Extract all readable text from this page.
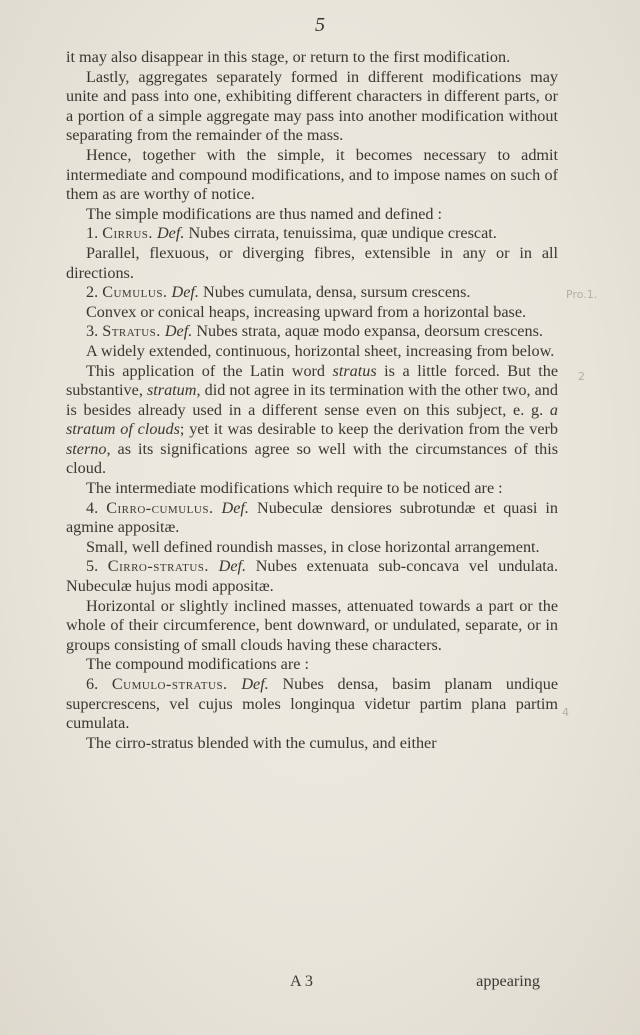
5

it may also disappear in this stage, or return to the first modification.

Lastly, aggregates separately formed in different modifications may unite and pass into one, exhibiting different characters in different parts, or a portion of a simple aggregate may pass into another modification without separating from the remainder of the mass.

Hence, together with the simple, it becomes necessary to admit intermediate and compound modifications, and to impose names on such of them as are worthy of notice.

The simple modifications are thus named and defined :

1. Cirrus. Def. Nubes cirrata, tenuissima, quæ undique crescat.

Parallel, flexuous, or diverging fibres, extensible in any or in all directions.

2. Cumulus. Def. Nubes cumulata, densa, sursum crescens.

Convex or conical heaps, increasing upward from a horizontal base.

3. Stratus. Def. Nubes strata, aquæ modo expansa, deorsum crescens.

A widely extended, continuous, horizontal sheet, increasing from below.

This application of the Latin word stratus is a little forced. But the substantive, stratum, did not agree in its termination with the other two, and is besides already used in a different sense even on this subject, e. g. a stratum of clouds; yet it was desirable to keep the derivation from the verb sterno, as its significations agree so well with the circumstances of this cloud.

The intermediate modifications which require to be noticed are :

4. Cirro-cumulus. Def. Nubeculæ densiores subrotundæ et quasi in agmine appositæ.

Small, well defined roundish masses, in close horizontal arrangement.

5. Cirro-stratus. Def. Nubes extenuata sub-concava vel undulata. Nubeculæ hujus modi appositæ.

Horizontal or slightly inclined masses, attenuated towards a part or the whole of their circumference, bent downward, or undulated, separate, or in groups consisting of small clouds having these characters.

The compound modifications are :

6. Cumulo-stratus. Def. Nubes densa, basim planam undique supercrescens, vel cujus moles longinqua videtur partim plana partim cumulata.

The cirro-stratus blended with the cumulus, and either

A 3	appearing
Pro.1.
2
4
